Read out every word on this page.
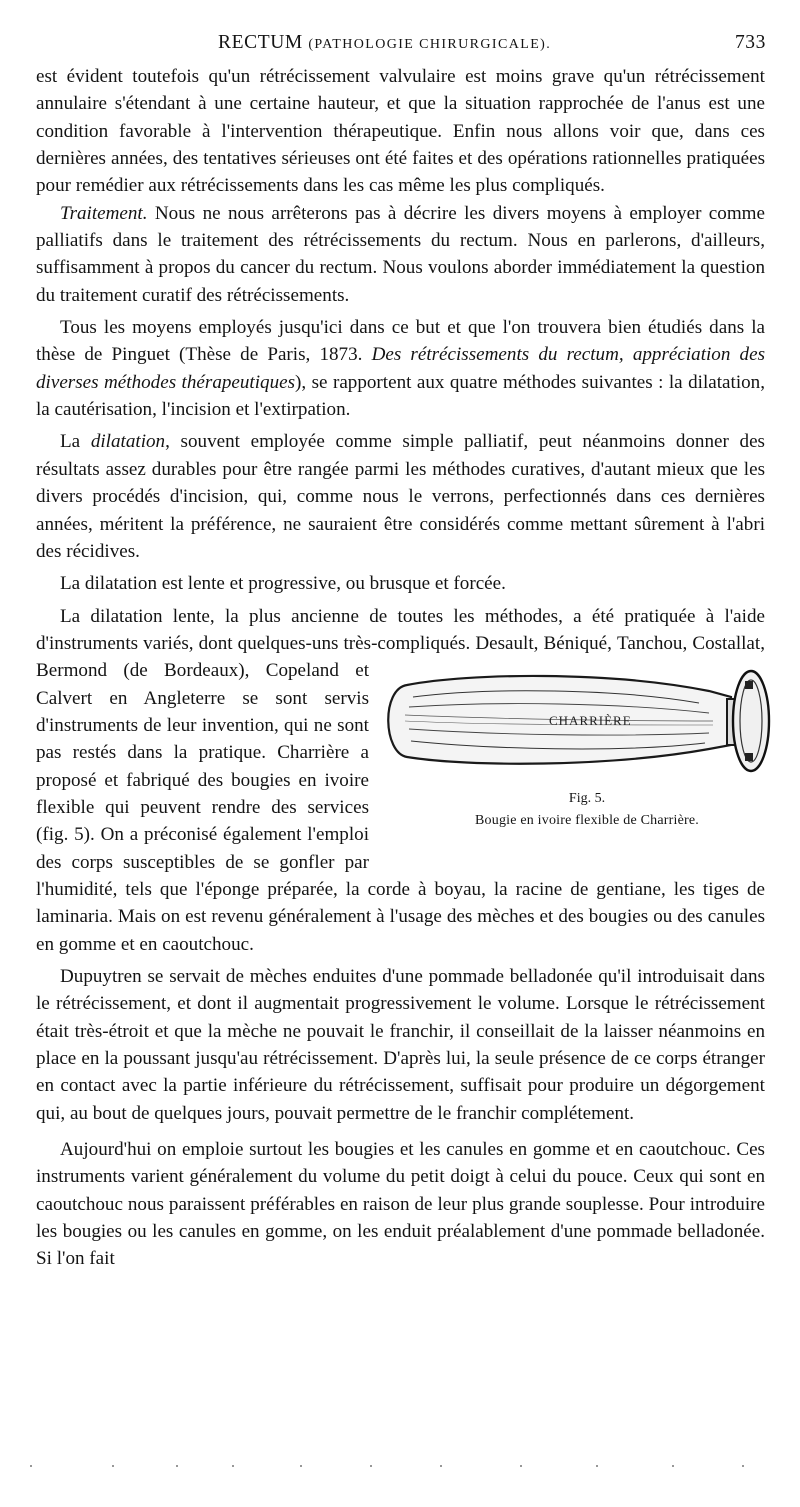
RECTUM (PATHOLOGIE CHIRURGICALE).	733

est évident toutefois qu'un rétrécissement valvulaire est moins grave qu'un rétrécissement annulaire s'étendant à une certaine hauteur, et que la situation rapprochée de l'anus est une condition favorable à l'intervention thérapeutique. Enfin nous allons voir que, dans ces dernières années, des tentatives sérieuses ont été faites et des opérations rationnelles pratiquées pour remédier aux rétrécissements dans les cas même les plus compliqués.

Traitement. Nous ne nous arrêterons pas à décrire les divers moyens à employer comme palliatifs dans le traitement des rétrécissements du rectum. Nous en parlerons, d'ailleurs, suffisamment à propos du cancer du rectum. Nous voulons aborder immédiatement la question du traitement curatif des rétrécissements.

Tous les moyens employés jusqu'ici dans ce but et que l'on trouvera bien étudiés dans la thèse de Pinguet (Thèse de Paris, 1873. Des rétrécissements du rectum, appréciation des diverses méthodes thérapeutiques), se rapportent aux quatre méthodes suivantes : la dilatation, la cautérisation, l'incision et l'extirpation.

La dilatation, souvent employée comme simple palliatif, peut néanmoins donner des résultats assez durables pour être rangée parmi les méthodes curatives, d'autant mieux que les divers procédés d'incision, qui, comme nous le verrons, perfectionnés dans ces dernières années, méritent la préférence, ne sauraient être considérés comme mettant sûrement à l'abri des récidives.

La dilatation est lente et progressive, ou brusque et forcée.

La dilatation lente, la plus ancienne de toutes les méthodes, a été pratiquée à l'aide d'instruments variés, dont quelques-uns très-compliqués. Desault, Béniqué,
CHARRIÈRE
Fig. 5.
Bougie en ivoire flexible de Charrière.
Tanchou, Costallat, Bermond (de Bordeaux), Copeland et Calvert en Angleterre se sont servis d'instruments de leur invention, qui ne sont pas restés dans la pratique. Charrière a proposé et fabriqué des bougies en ivoire flexible qui peuvent rendre des services (fig. 5). On a préconisé également l'emploi des corps susceptibles de se gonfler par l'humidité, tels que l'éponge préparée, la corde à boyau, la racine de gentiane, les tiges de laminaria. Mais on est revenu généralement à l'usage des mèches et des bougies ou des canules en gomme et en caoutchouc.

Dupuytren se servait de mèches enduites d'une pommade belladonée qu'il introduisait dans le rétrécissement, et dont il augmentait progressivement le volume. Lorsque le rétrécissement était très-étroit et que la mèche ne pouvait le franchir, il conseillait de la laisser néanmoins en place en la poussant jusqu'au rétrécissement. D'après lui, la seule présence de ce corps étranger en contact avec la partie inférieure du rétrécissement, suffisait pour produire un dégorgement qui, au bout de quelques jours, pouvait permettre de le franchir complétement.

Aujourd'hui on emploie surtout les bougies et les canules en gomme et en caoutchouc. Ces instruments varient généralement du volume du petit doigt à celui du pouce. Ceux qui sont en caoutchouc nous paraissent préférables en raison de leur plus grande souplesse. Pour introduire les bougies ou les canules en gomme, on les enduit préalablement d'une pommade belladonée. Si l'on fait
